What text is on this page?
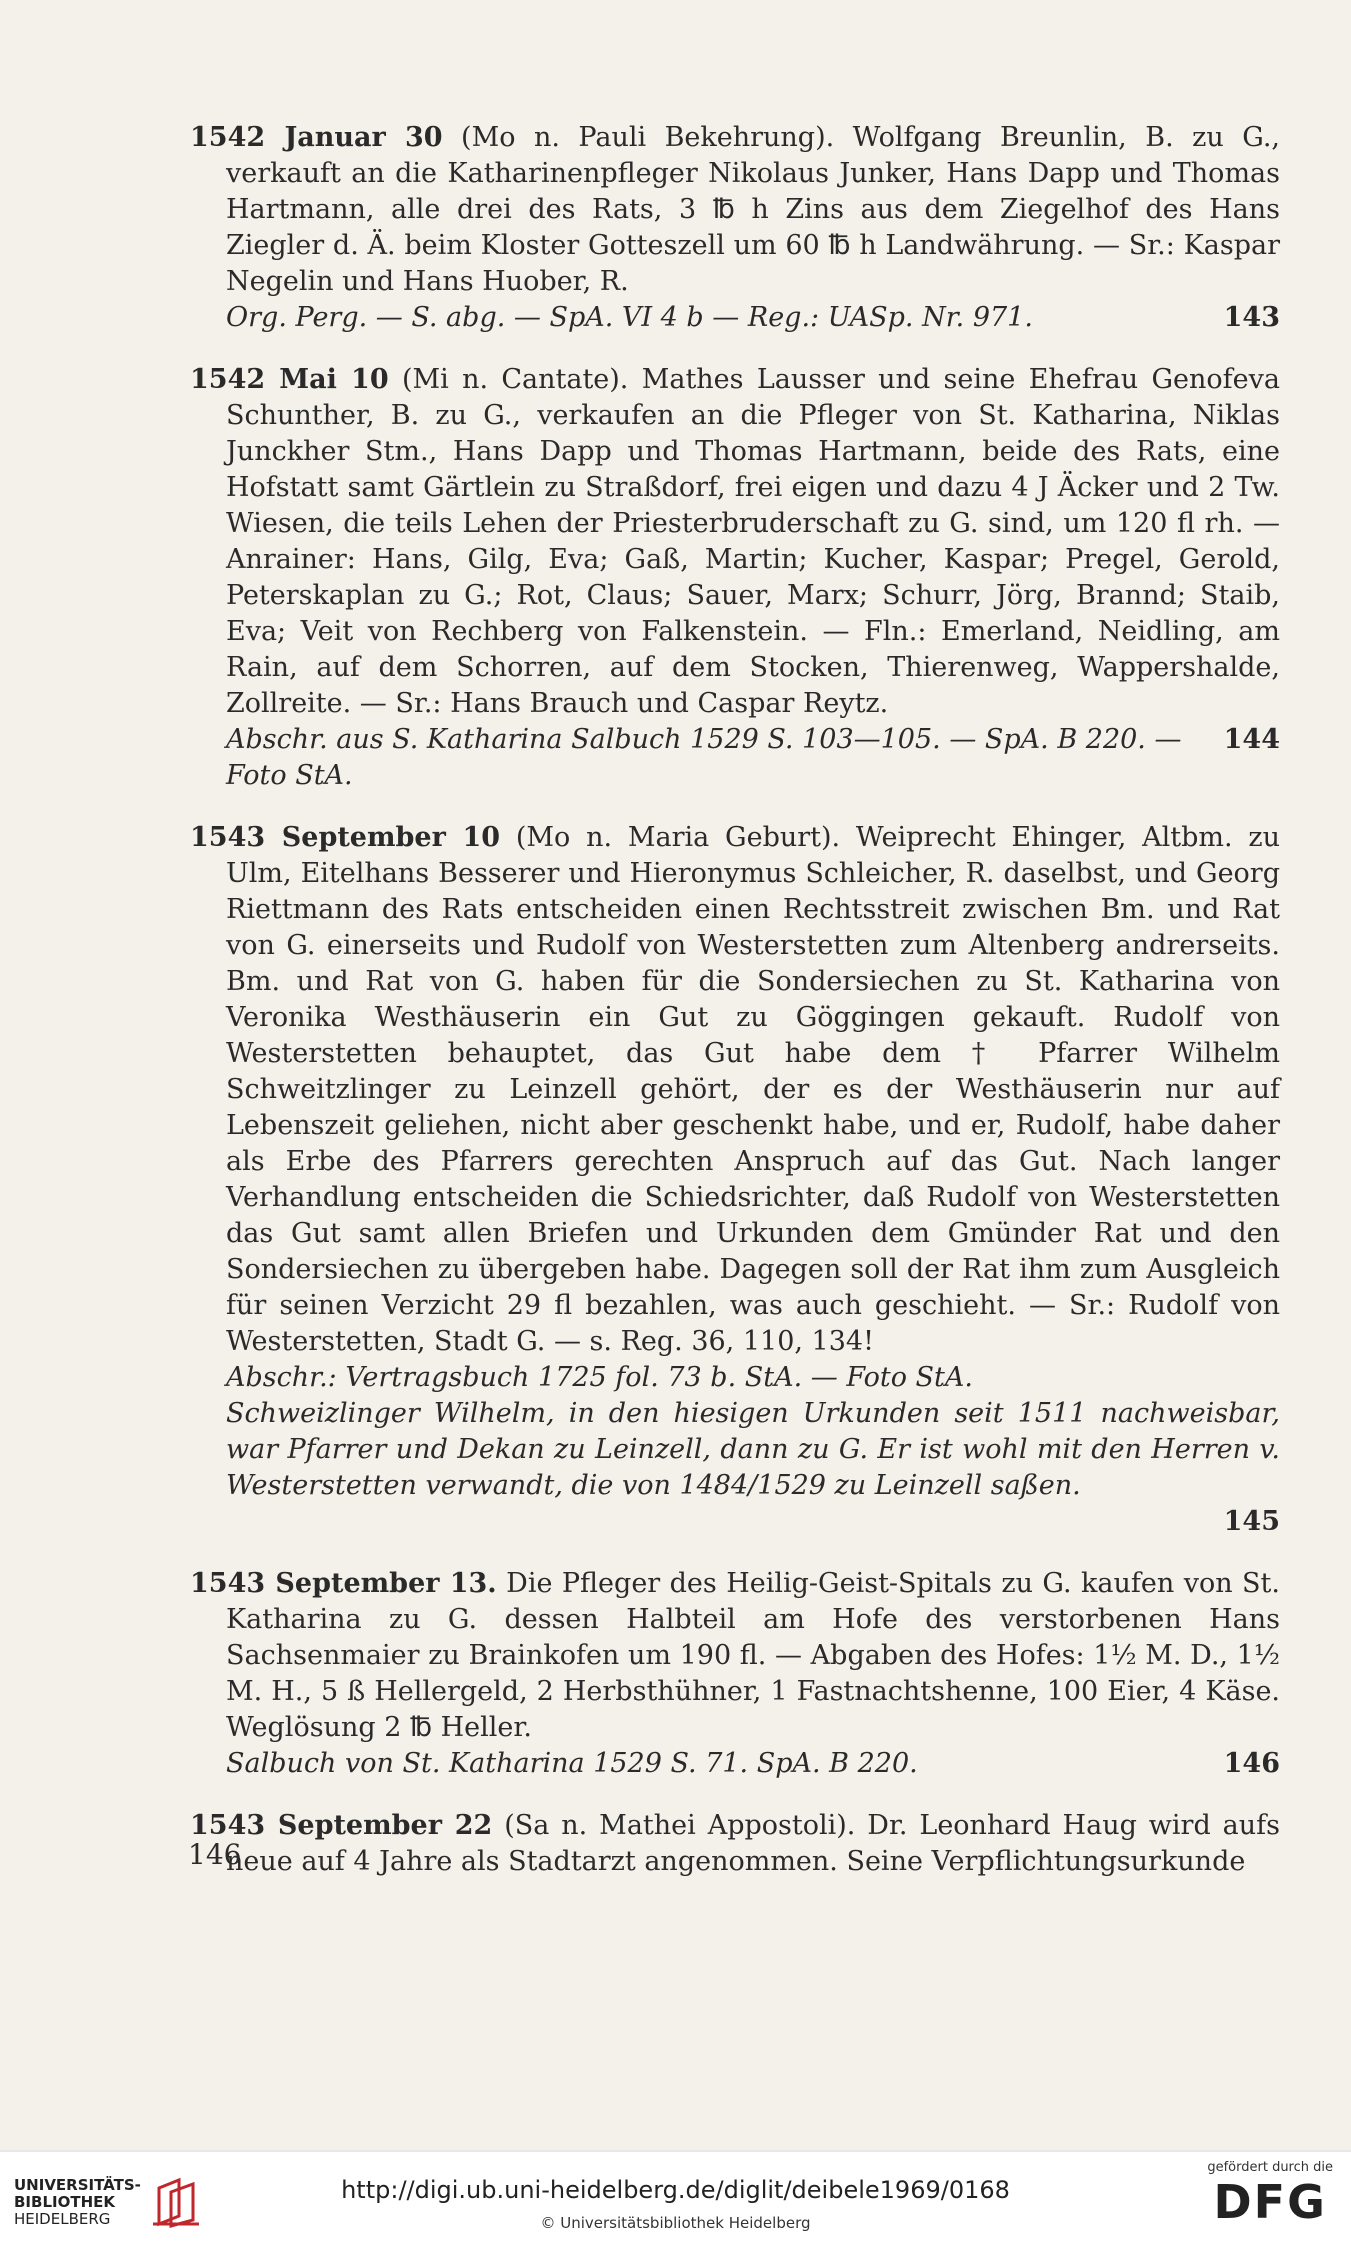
1542 Januar 30 (Mo n. Pauli Bekehrung). Wolfgang Breunlin, B. zu G., verkauft an die Katharinenpfleger Nikolaus Junker, Hans Dapp und Thomas Hartmann, alle drei des Rats, 3 ℔ h Zins aus dem Ziegelhof des Hans Ziegler d. Ä. beim Kloster Gotteszell um 60 ℔ h Landwährung. — Sr.: Kaspar Negelin und Hans Huober, R.

Org. Perg. — S. abg. — SpA. VI 4 b — Reg.: UASp. Nr. 971.	143

1542 Mai 10 (Mi n. Cantate). Mathes Lausser und seine Ehefrau Genofeva Schunther, B. zu G., verkaufen an die Pfleger von St. Katharina, Niklas Junckher Stm., Hans Dapp und Thomas Hartmann, beide des Rats, eine Hofstatt samt Gärtlein zu Straßdorf, frei eigen und dazu 4 J Äcker und 2 Tw. Wiesen, die teils Lehen der Priesterbruderschaft zu G. sind, um 120 fl rh. — Anrainer: Hans, Gilg, Eva; Gaß, Martin; Kucher, Kaspar; Pregel, Gerold, Peterskaplan zu G.; Rot, Claus; Sauer, Marx; Schurr, Jörg, Brannd; Staib, Eva; Veit von Rechberg von Falkenstein. — Fln.: Emerland, Neidling, am Rain, auf dem Schorren, auf dem Stocken, Thierenweg, Wappershalde, Zollreite. — Sr.: Hans Brauch und Caspar Reytz.

Abschr. aus S. Katharina Salbuch 1529 S. 103—105. — SpA. B 220. — Foto StA.
144

1543 September 10 (Mo n. Maria Geburt). Weiprecht Ehinger, Altbm. zu Ulm, Eitelhans Besserer und Hieronymus Schleicher, R. daselbst, und Georg Riettmann des Rats entscheiden einen Rechtsstreit zwischen Bm. und Rat von G. einerseits und Rudolf von Westerstetten zum Altenberg andrerseits. Bm. und Rat von G. haben für die Sondersiechen zu St. Katharina von Veronika Westhäuserin ein Gut zu Göggingen gekauft. Rudolf von Westerstetten behauptet, das Gut habe dem † Pfarrer Wilhelm Schweitzlinger zu Leinzell gehört, der es der Westhäuserin nur auf Lebenszeit geliehen, nicht aber geschenkt habe, und er, Rudolf, habe daher als Erbe des Pfarrers gerechten Anspruch auf das Gut. Nach langer Verhandlung entscheiden die Schiedsrichter, daß Rudolf von Westerstetten das Gut samt allen Briefen und Urkunden dem Gmünder Rat und den Sondersiechen zu übergeben habe. Dagegen soll der Rat ihm zum Ausgleich für seinen Verzicht 29 fl bezahlen, was auch geschieht. — Sr.: Rudolf von Westerstetten, Stadt G. — s. Reg. 36, 110, 134!

Abschr.: Vertragsbuch 1725 fol. 73 b. StA. — Foto StA.

Schweizlinger Wilhelm, in den hiesigen Urkunden seit 1511 nachweisbar, war Pfarrer und Dekan zu Leinzell, dann zu G. Er ist wohl mit den Herren v. Westerstetten verwandt, die von 1484/1529 zu Leinzell saßen.

145

1543 September 13. Die Pfleger des Heilig-Geist-Spitals zu G. kaufen von St. Katharina zu G. dessen Halbteil am Hofe des verstorbenen Hans Sachsenmaier zu Brainkofen um 190 fl. — Abgaben des Hofes: 1½ M. D., 1½ M. H., 5 ß Hellergeld, 2 Herbsthühner, 1 Fastnachtshenne, 100 Eier, 4 Käse. Weglösung 2 ℔ Heller.

Salbuch von St. Katharina 1529 S. 71. SpA. B 220.	146

1543 September 22 (Sa n. Mathei Appostoli). Dr. Leonhard Haug wird aufs neue auf 4 Jahre als Stadtarzt angenommen. Seine Verpflichtungsurkunde

146
UNIVERSITÄTS-
BIBLIOTHEK
HEIDELBERG
http://digi.ub.uni-heidelberg.de/diglit/deibele1969/0168
© Universitätsbibliothek Heidelberg
gefördert durch die
DFG
